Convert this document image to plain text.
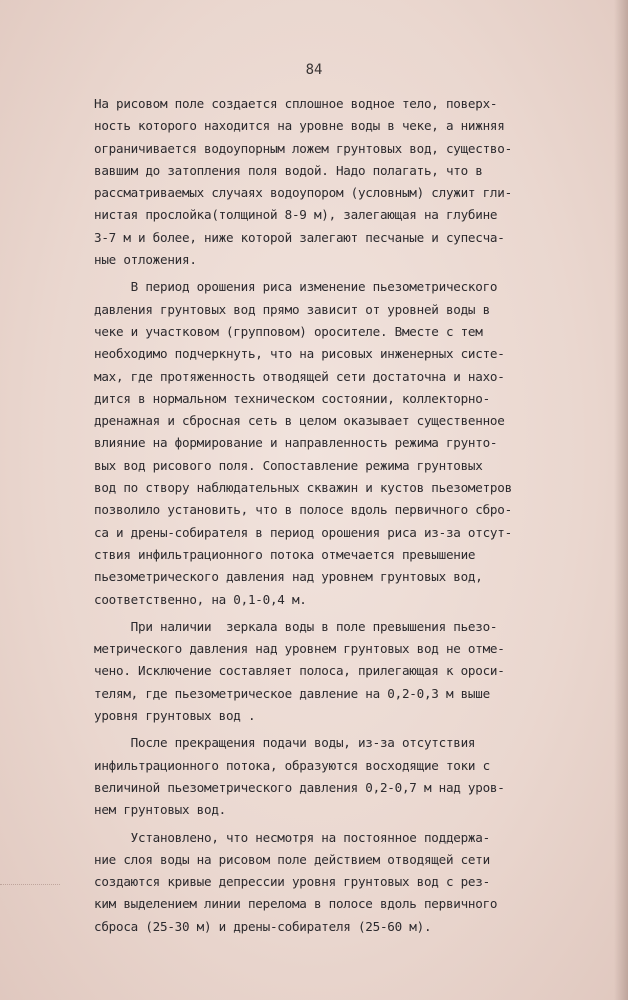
84
На рисовом поле создается сплошное водное тело, поверх-
ность которого находится на уровне воды в чеке, а нижняя
ограничивается водоупорным ложем грунтовых вод, существо-
вавшим до затопления поля водой. Надо полагать, что в
рассматриваемых случаях водоупором (условным) служит гли-
нистая прослойка(толщиной 8-9 м), залегающая на глубине
3-7 м и более, ниже которой залегают песчаные и супесча-
ные отложения.
В период орошения риса изменение пьезометрического
давления грунтовых вод прямо зависит от уровней воды в
чеке и участковом (групповом) оросителе. Вместе с тем
необходимо подчеркнуть, что на рисовых инженерных систе-
мах, где протяженность отводящей сети достаточна и нахо-
дится в нормальном техническом состоянии, коллекторно-
дренажная и сбросная сеть в целом оказывает существенное
влияние на формирование и направленность режима грунто-
вых вод рисового поля. Сопоставление режима грунтовых
вод по створу наблюдательных скважин и кустов пьезометров
позволило установить, что в полосе вдоль первичного сбро-
са и дрены-собирателя в период орошения риса из-за отсут-
ствия инфильтрационного потока отмечается превышение
пьезометрического давления над уровнем грунтовых вод,
соответственно, на 0,1-0,4 м.
При наличии  зеркала воды в поле превышения пьезо-
метрического давления над уровнем грунтовых вод не отме-
чено. Исключение составляет полоса, прилегающая к ороси-
телям, где пьезометрическое давление на 0,2-0,3 м выше
уровня грунтовых вод .
После прекращения подачи воды, из-за отсутствия
инфильтрационного потока, образуются восходящие токи с
величиной пьезометрического давления 0,2-0,7 м над уров-
нем грунтовых вод.
Установлено, что несмотря на постоянное поддержа-
ние слоя воды на рисовом поле действием отводящей сети
создаются кривые депрессии уровня грунтовых вод с рез-
ким выделением линии перелома в полосе вдоль первичного
сброса (25-30 м) и дрены-собирателя (25-60 м).
